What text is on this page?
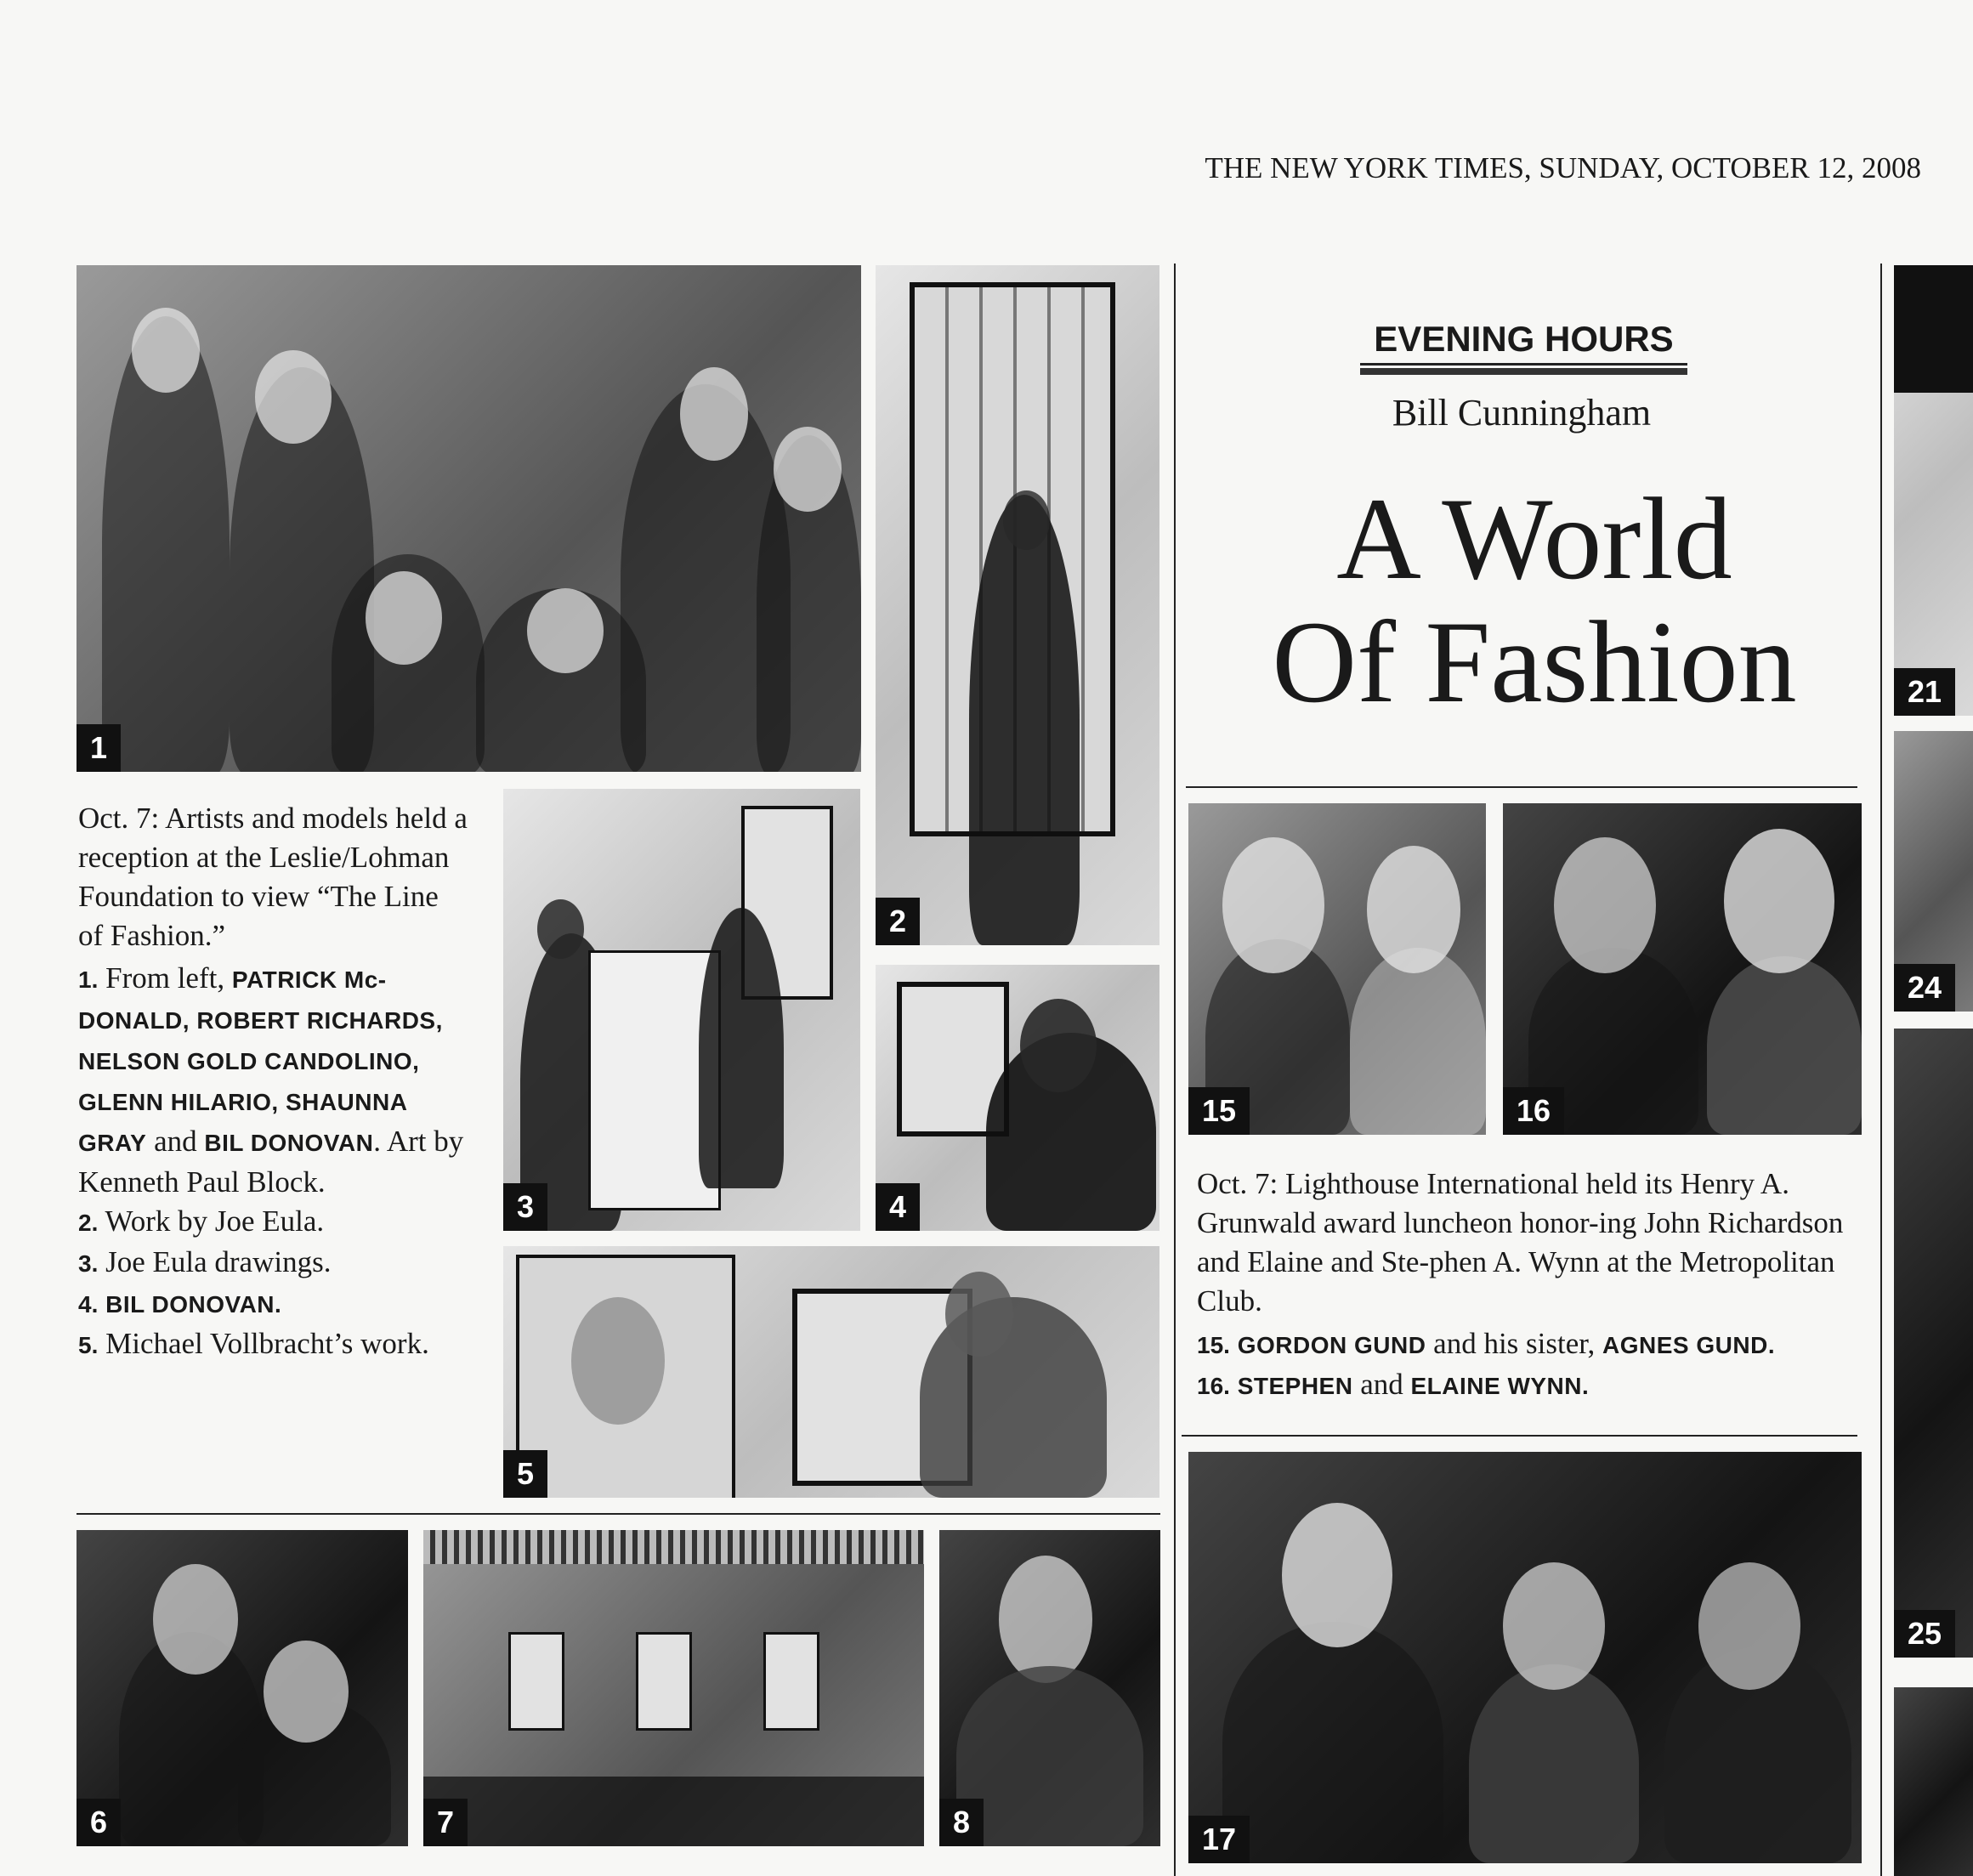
THE NEW YORK TIMES, SUNDAY, OCTOBER 12, 2008
1
2

Oct. 7: Artists and models held a reception at the Leslie/Lohman Foundation to view “The Line of Fashion.”

1. From left, PATRICK Mc-DONALD, ROBERT RICHARDS, NELSON GOLD CANDOLINO, GLENN HILARIO, SHAUNNA GRAY and BIL DONOVAN. Art by Kenneth Paul Block.

2. Work by Joe Eula.

3. Joe Eula drawings.

4. BIL DONOVAN.

5. Michael Vollbracht’s work.

3	4
5
6	7	8
EVENING HOURS
Bill Cunningham
A World
Of Fashion
15	16

Oct. 7: Lighthouse International held its Henry A. Grunwald award luncheon honor-ing John Richardson and Elaine and Ste-phen A. Wynn at the Metropolitan Club.

15. GORDON GUND and his sister, AGNES GUND.

16. STEPHEN and ELAINE WYNN.

17
21
24
25
